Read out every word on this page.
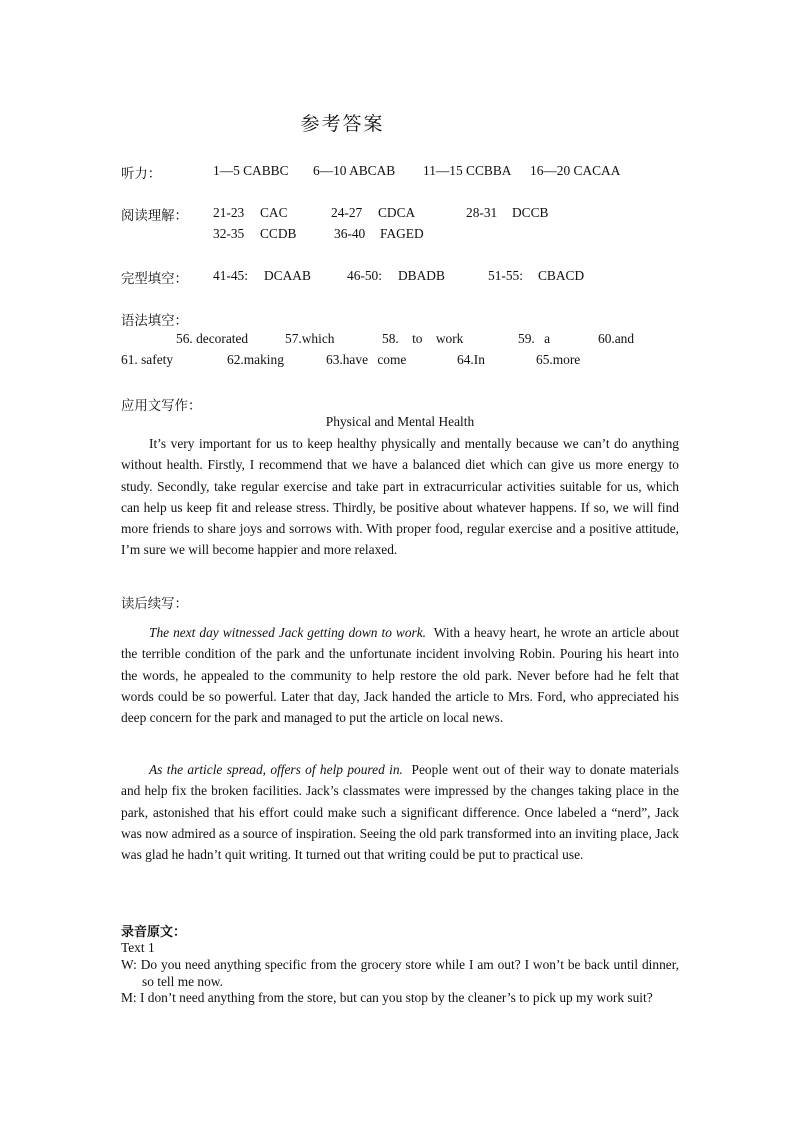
参考答案
听力：	1—5 CABBC 6—10 ABCAB 11—15 CCBBA 16—20 CACAA
阅读理解： 21-23 CAC	24-27 CDCA	28-31 DCCB
32-35 CCDB	36-40 FAGED
完型填空： 41-45: DCAAB	46-50: DBADB	51-55: CBACD
语法填空：
56. decorated	57.which	58. to work	59. a	60.and
61. safety	62.making	63.have come	64.In	65.more
应用文写作：
Physical and Mental Health
It’s very important for us to keep healthy physically and mentally because we can’t do anything without health. Firstly, I recommend that we have a balanced diet which can give us more energy to study. Secondly, take regular exercise and take part in extracurricular activities suitable for us, which can help us keep fit and release stress. Thirdly, be positive about whatever happens. If so, we will find more friends to share joys and sorrows with. With proper food, regular exercise and a positive attitude, I’m sure we will become happier and more relaxed.
读后续写：
The next day witnessed Jack getting down to work. With a heavy heart, he wrote an article about the terrible condition of the park and the unfortunate incident involving Robin. Pouring his heart into the words, he appealed to the community to help restore the old park. Never before had he felt that words could be so powerful. Later that day, Jack handed the article to Mrs. Ford, who appreciated his deep concern for the park and managed to put the article on local news.
As the article spread, offers of help poured in. People went out of their way to donate materials and help fix the broken facilities. Jack’s classmates were impressed by the changes taking place in the park, astonished that his effort could make such a significant difference. Once labeled a “nerd”, Jack was now admired as a source of inspiration. Seeing the old park transformed into an inviting place, Jack was glad he hadn’t quit writing. It turned out that writing could be put to practical use.
录音原文：
Text 1

W: Do you need anything specific from the grocery store while I am out? I won’t be back until dinner, so tell me now.

M: I don’t need anything from the store, but can you stop by the cleaner’s to pick up my work suit?
